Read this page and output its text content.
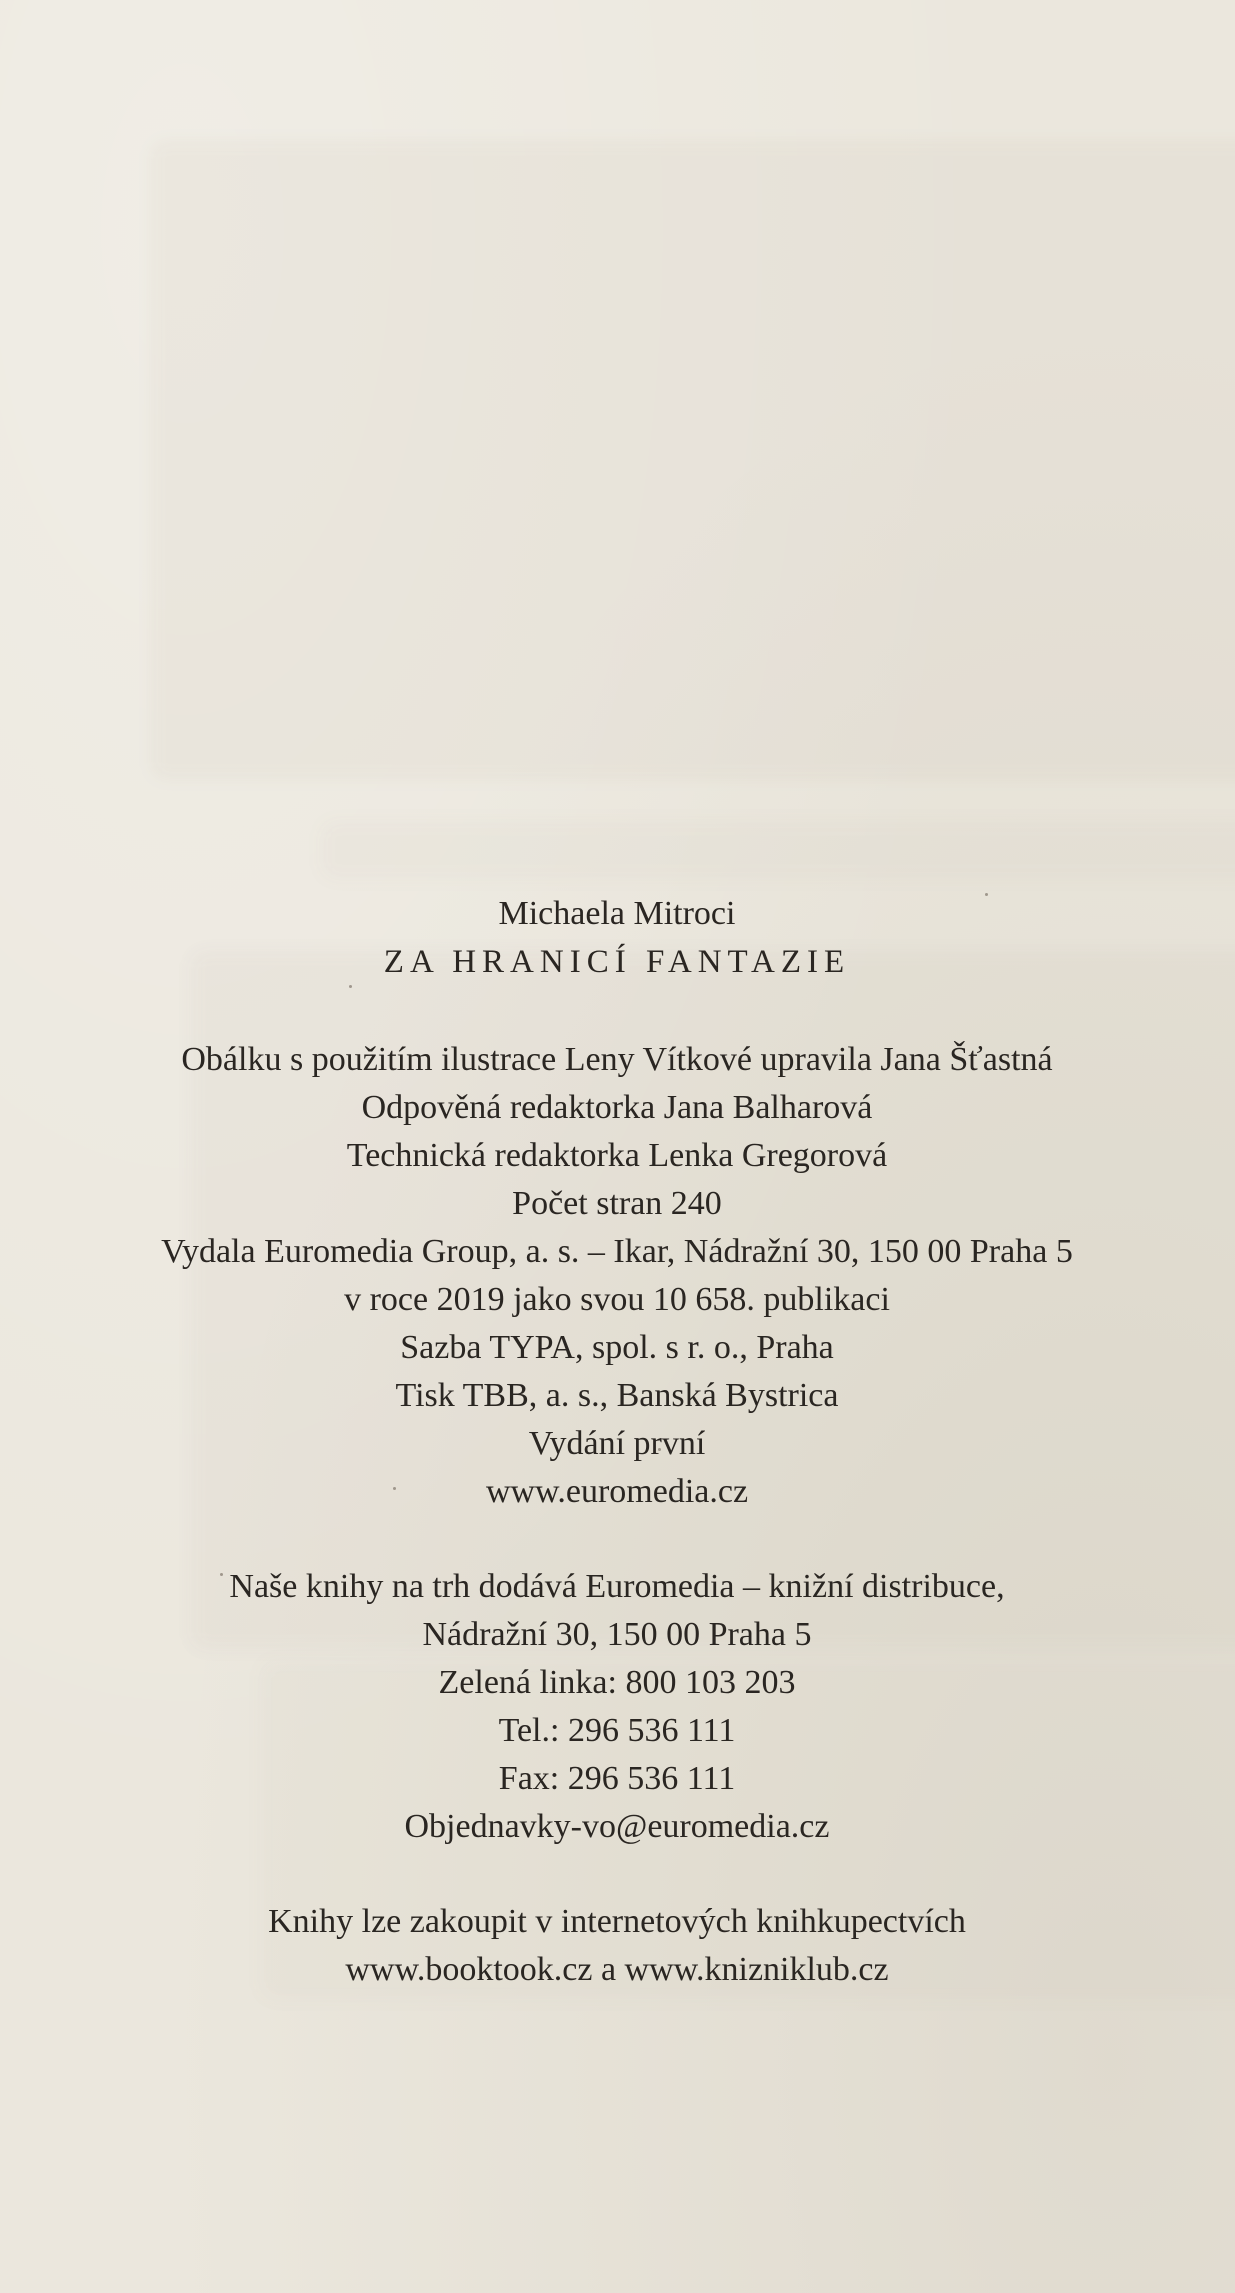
Michaela Mitroci
ZA HRANICÍ FANTAZIE
Obálku s použitím ilustrace Leny Vítkové upravila Jana Šťastná
Odpověná redaktorka Jana Balharová
Technická redaktorka Lenka Gregorová
Počet stran 240
Vydala Euromedia Group, a. s. – Ikar, Nádražní 30, 150 00 Praha 5
v roce 2019 jako svou 10 658. publikaci
Sazba TYPA, spol. s r. o., Praha
Tisk TBB, a. s., Banská Bystrica
Vydání první
www.euromedia.cz
Naše knihy na trh dodává Euromedia – knižní distribuce,
Nádražní 30, 150 00 Praha 5
Zelená linka: 800 103 203
Tel.: 296 536 111
Fax: 296 536 111
Objednavky-vo@euromedia.cz
Knihy lze zakoupit v internetových knihkupectvích
www.booktook.cz a www.knizniklub.cz
